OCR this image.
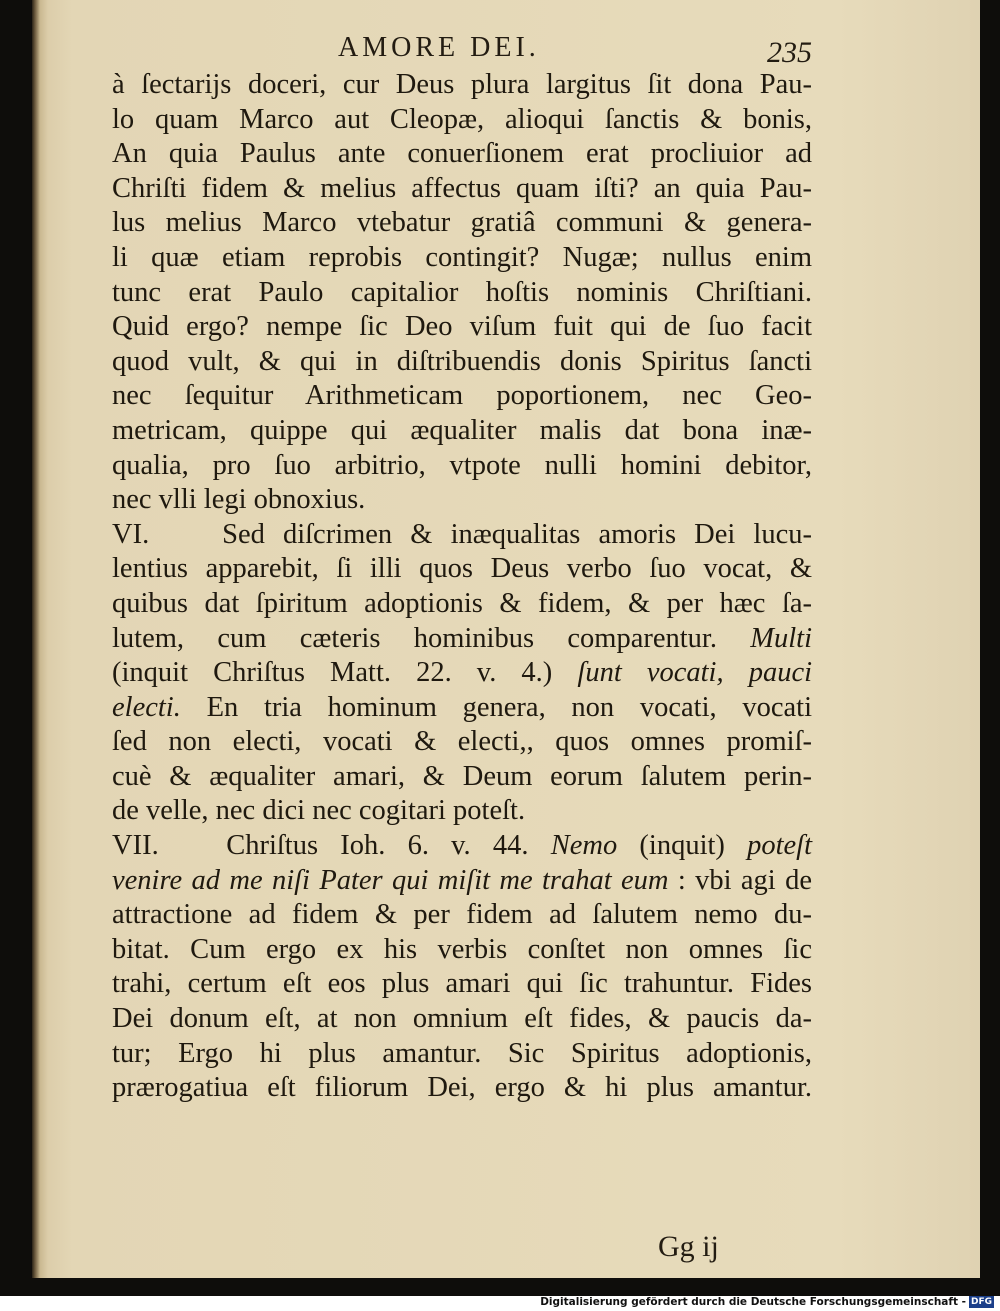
AMORE DEI.	235
à ſectarijs doceri, cur Deus plura largitus ſit dona Pau-
lo quam Marco aut Cleopæ, alioqui ſanctis & bonis,
An quia Paulus ante conuerſionem erat procliuior ad
Chriſti fidem & melius affectus quam iſti? an quia Pau-
lus melius Marco vtebatur gratiâ communi & genera-
li quæ etiam reprobis contingit? Nugæ; nullus enim
tunc erat Paulo capitalior hoſtis nominis Chriſtiani.
Quid ergo? nempe ſic Deo viſum fuit qui de ſuo facit
quod vult, & qui in diſtribuendis donis Spiritus ſancti
nec ſequitur Arithmeticam poportionem, nec Geo-
metricam, quippe qui æqualiter malis dat bona inæ-
qualia, pro ſuo arbitrio, vtpote nulli homini debitor,
nec vlli legi obnoxius.
VI.	Sed diſcrimen & inæqualitas amoris Dei lucu-
lentius apparebit, ſi illi quos Deus verbo ſuo vocat, &
quibus dat ſpiritum adoptionis & fidem, & per hæc ſa-
lutem, cum cæteris hominibus comparentur. Multi
(inquit Chriſtus Matt. 22. v. 4.) ſunt vocati, pauci
electi. En tria hominum genera, non vocati, vocati
ſed non electi, vocati & electi,, quos omnes promiſ-
cuè & æqualiter amari, & Deum eorum ſalutem perin-
de velle, nec dici nec cogitari poteſt.
VII. Chriſtus Ioh. 6. v. 44. Nemo (inquit) poteſt
venire ad me niſi Pater qui miſit me trahat eum : vbi agi de
attractione ad fidem & per fidem ad ſalutem nemo du-
bitat. Cum ergo ex his verbis conſtet non omnes ſic
trahi, certum eſt eos plus amari qui ſic trahuntur. Fides
Dei donum eſt, at non omnium eſt fides, & paucis da-
tur; Ergo hi plus amantur. Sic Spiritus adoptionis,
prærogatiua eſt filiorum Dei, ergo & hi plus amantur.
Gg ij
Digitalisierung gefördert durch die Deutsche Forschungsgemeinschaft - DFG
